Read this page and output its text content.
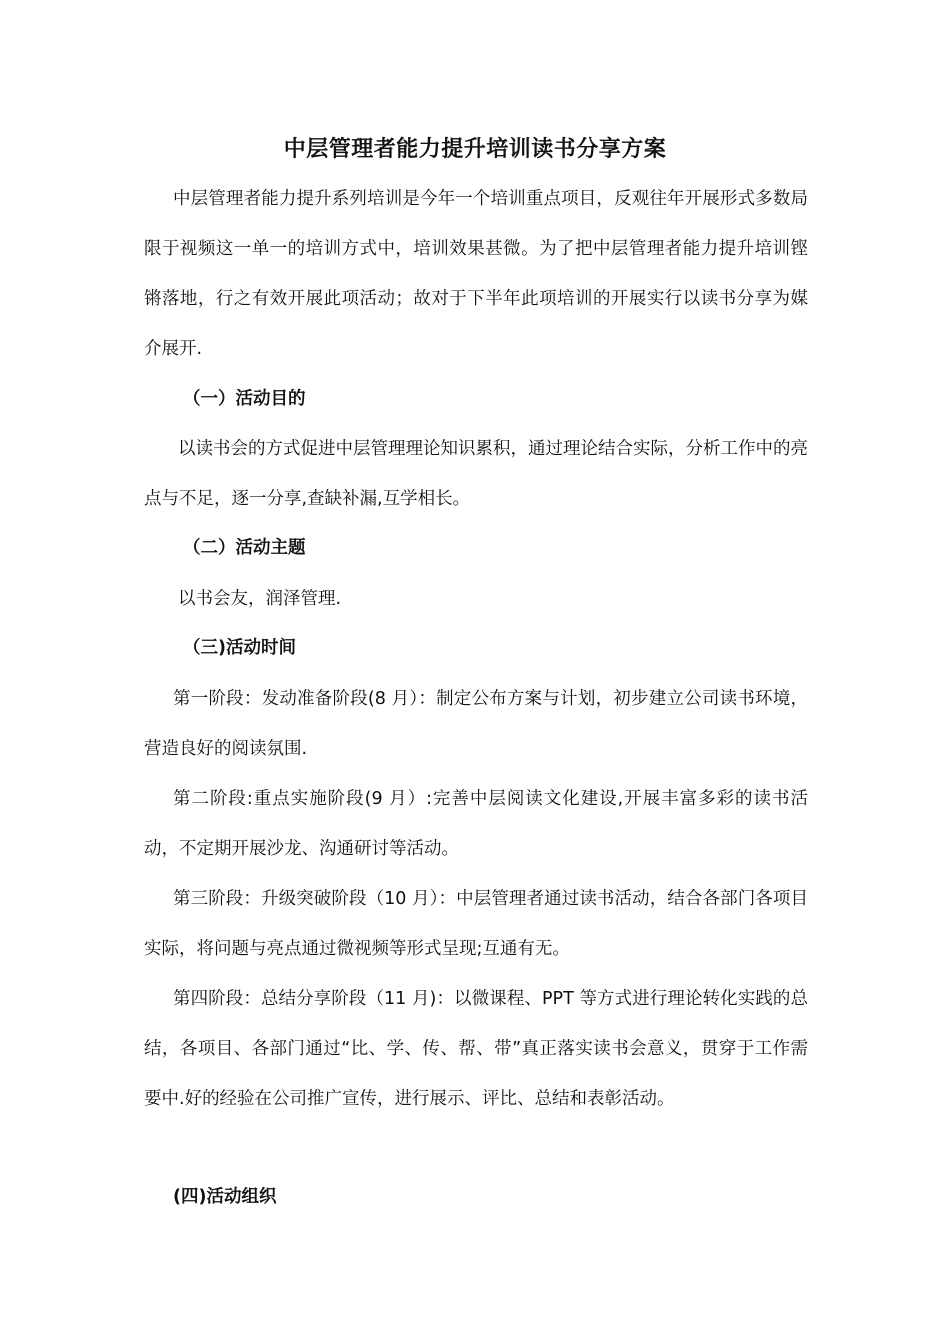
中层管理者能力提升培训读书分享方案
中层管理者能力提升系列培训是今年一个培训重点项目，反观往年开展形式多数局限于视频这一单一的培训方式中，培训效果甚微。为了把中层管理者能力提升培训铿锵落地，行之有效开展此项活动；故对于下半年此项培训的开展实行以读书分享为媒介展开.
（一）活动目的
以读书会的方式促进中层管理理论知识累积，通过理论结合实际，分析工作中的亮点与不足，逐一分享,查缺补漏,互学相长。
（二）活动主题
以书会友，润泽管理.
（三)活动时间
第一阶段：发动准备阶段(8 月）：制定公布方案与计划，初步建立公司读书环境，营造良好的阅读氛围.
第二阶段:重点实施阶段(9 月）:完善中层阅读文化建设,开展丰富多彩的读书活动，不定期开展沙龙、沟通研讨等活动。
第三阶段：升级突破阶段（10 月）：中层管理者通过读书活动，结合各部门各项目实际，将问题与亮点通过微视频等形式呈现;互通有无。
第四阶段：总结分享阶段（11 月)：以微课程、PPT 等方式进行理论转化实践的总结，各项目、各部门通过“比、学、传、帮、带”真正落实读书会意义，贯穿于工作需要中.好的经验在公司推广宣传，进行展示、评比、总结和表彰活动。
(四)活动组织
